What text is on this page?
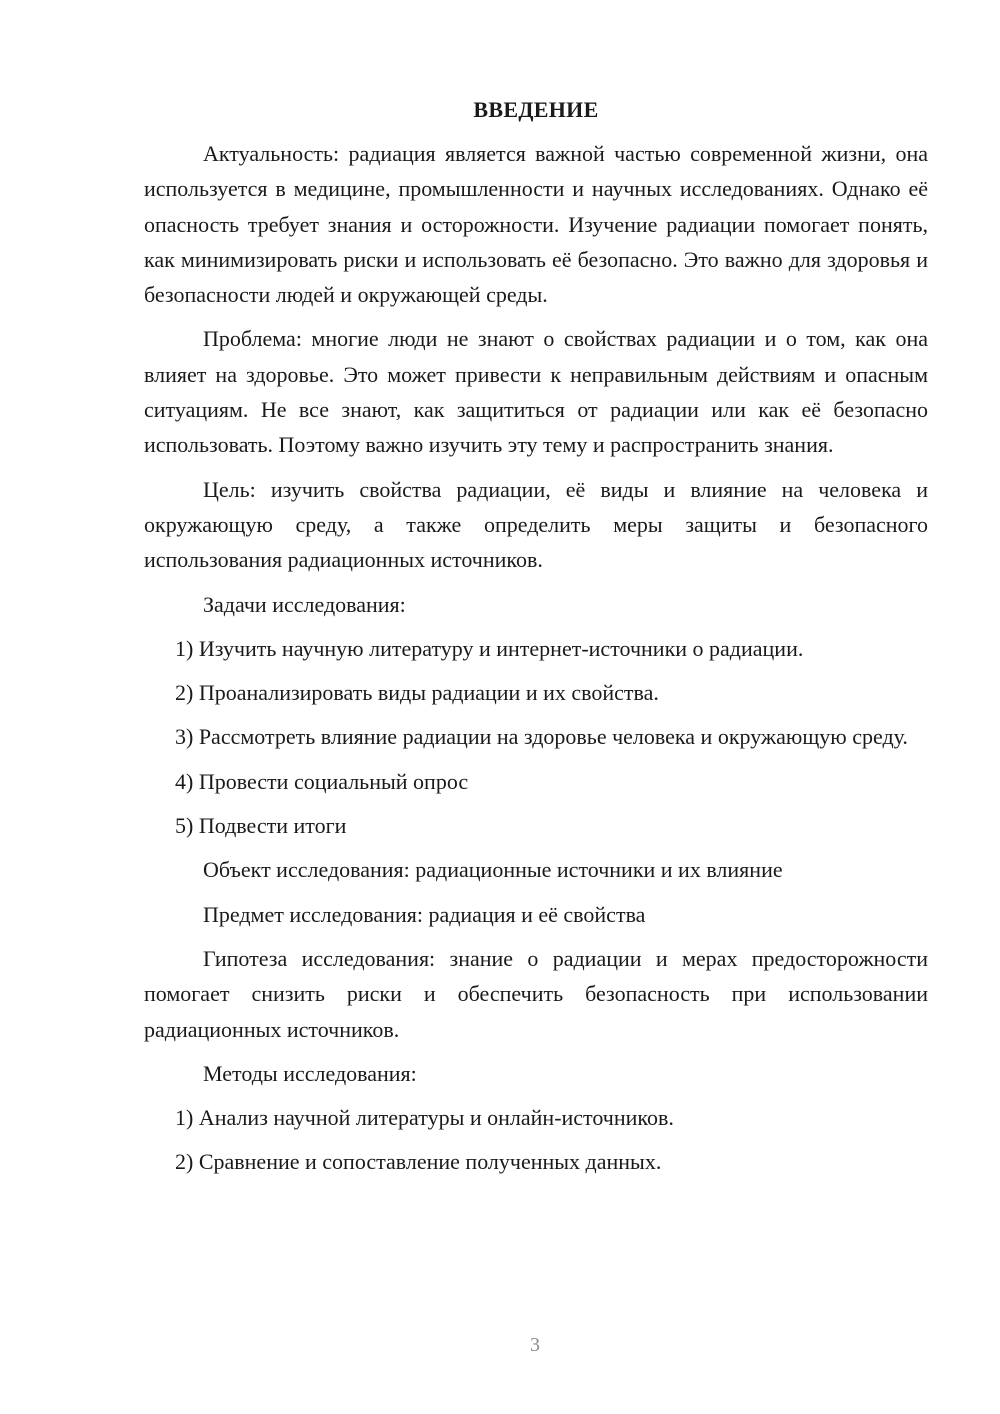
ВВЕДЕНИЕ

Актуальность: радиация является важной частью современной жизни, она используется в медицине, промышленности и научных исследованиях. Однако её опасность требует знания и осторожности. Изучение радиации помогает понять, как минимизировать риски и использовать её безопасно. Это важно для здоровья и безопасности людей и окружающей среды.

Проблема: многие люди не знают о свойствах радиации и о том, как она влияет на здоровье. Это может привести к неправильным действиям и опасным ситуациям. Не все знают, как защититься от радиации или как её безопасно использовать. Поэтому важно изучить эту тему и распространить знания.

Цель: изучить свойства радиации, её виды и влияние на человека и окружающую среду, а также определить меры защиты и безопасного использования радиационных источников.

Задачи исследования:

1) Изучить научную литературу и интернет-источники о радиации.

2) Проанализировать виды радиации и их свойства.

3) Рассмотреть влияние радиации на здоровье человека и окружающую среду.

4) Провести социальный опрос

5) Подвести итоги

Объект исследования: радиационные источники и их влияние

Предмет исследования: радиация и её свойства

Гипотеза исследования: знание о радиации и мерах предосторожности помогает снизить риски и обеспечить безопасность при использовании радиационных источников.

Методы исследования:

1) Анализ научной литературы и онлайн-источников.

2) Сравнение и сопоставление полученных данных.

3
